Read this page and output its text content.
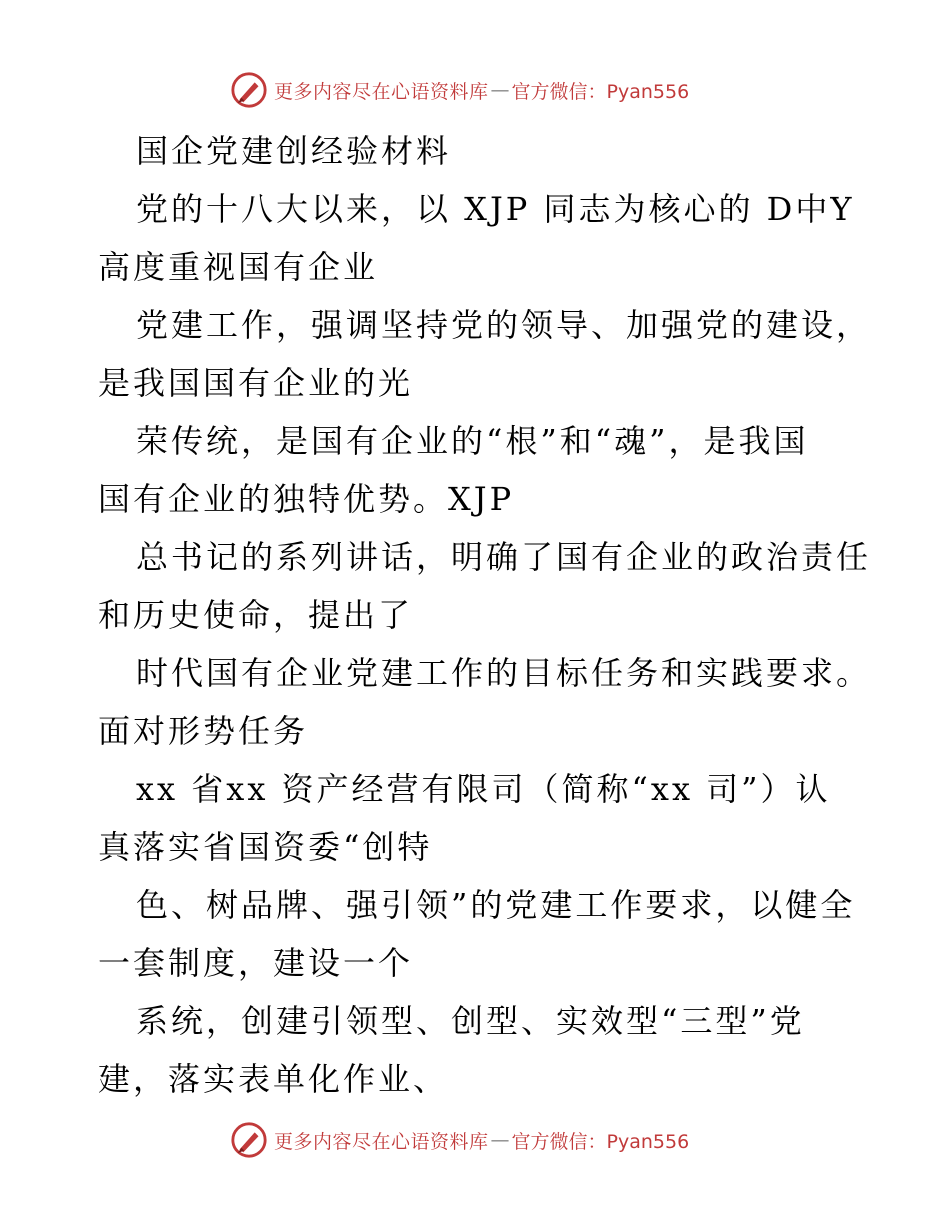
更多内容尽在心语资料库 — 官方微信：Pyan556
国企党建创经验材料
党的十八大以来，以 XJP 同志为核心的 D中Y
高度重视国有企业
党建工作，强调坚持党的领导、加强党的建设，
是我国国有企业的光
荣传统，是国有企业的“根”和“魂”，是我国
国有企业的独特优势。XJP
总书记的系列讲话，明确了国有企业的政治责任
和历史使命，提出了
时代国有企业党建工作的目标任务和实践要求。
面对形势任务
xx 省xx 资产经营有限司（简称“xx 司”）认
真落实省国资委“创特
色、树品牌、强引领”的党建工作要求，以健全
一套制度，建设一个
系统，创建引领型、创型、实效型“三型”党
建，落实表单化作业、
更多内容尽在心语资料库 — 官方微信：Pyan556
